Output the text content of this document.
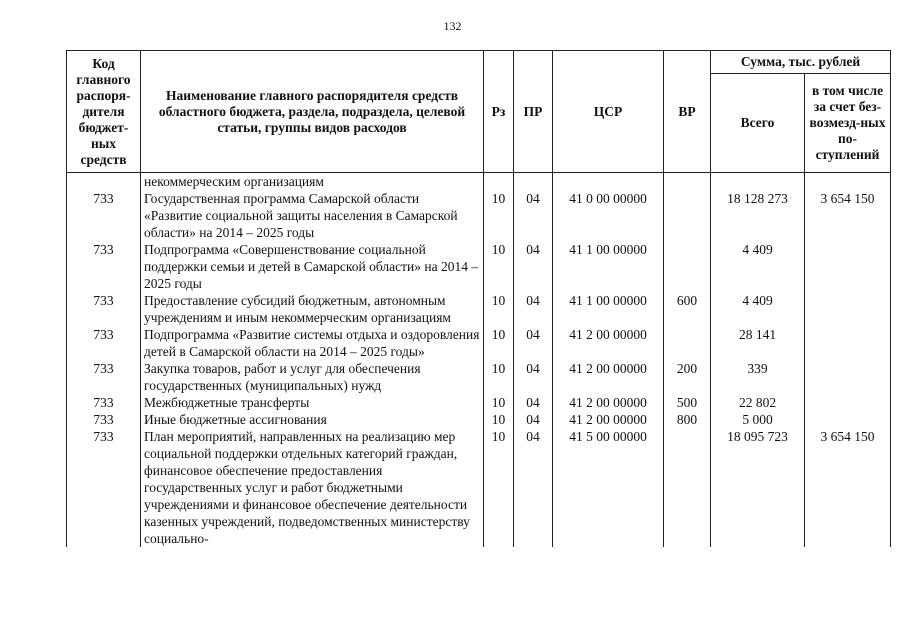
132
Код главного распоря-дителя бюджет-ных средств	Наименование главного распорядителя средств областного бюджета, раздела, подраздела, целевой статьи, группы видов расходов	Рз	ПР	ЦСР	ВР	Сумма, тыс. рублей	
						Всего	в том числе за счет без-возмезд-ных по-ступлений
	некоммерческим организациям						
733	Государственная программа Самарской области «Развитие социальной защиты населения в Самарской области» на 2014 – 2025 годы	10	04	41 0 00 00000		18 128 273	3 654 150
733	Подпрограмма «Совершенствование социальной поддержки семьи и детей в Самарской области» на 2014 – 2025 годы	10	04	41 1 00 00000		4 409	
733	Предоставление субсидий бюджетным, автономным учреждениям и иным некоммерческим организациям	10	04	41 1 00 00000	600	4 409	
733	Подпрограмма «Развитие системы отдыха и оздоровления детей в Самарской области на 2014 – 2025 годы»	10	04	41 2 00 00000		28 141	
733	Закупка товаров, работ и услуг для обеспечения государственных (муниципальных) нужд	10	04	41 2 00 00000	200	339	
733	Межбюджетные трансферты	10	04	41 2 00 00000	500	22 802	
733	Иные бюджетные ассигнования	10	04	41 2 00 00000	800	5 000	
733	План мероприятий, направленных на реализацию мер социальной поддержки отдельных категорий граждан, финансовое обеспечение предоставления государственных услуг и работ бюджетными учреждениями и финансовое обеспечение деятельности казенных учреждений, подведомственных министерству социально-	10	04	41 5 00 00000		18 095 723	3 654 150
